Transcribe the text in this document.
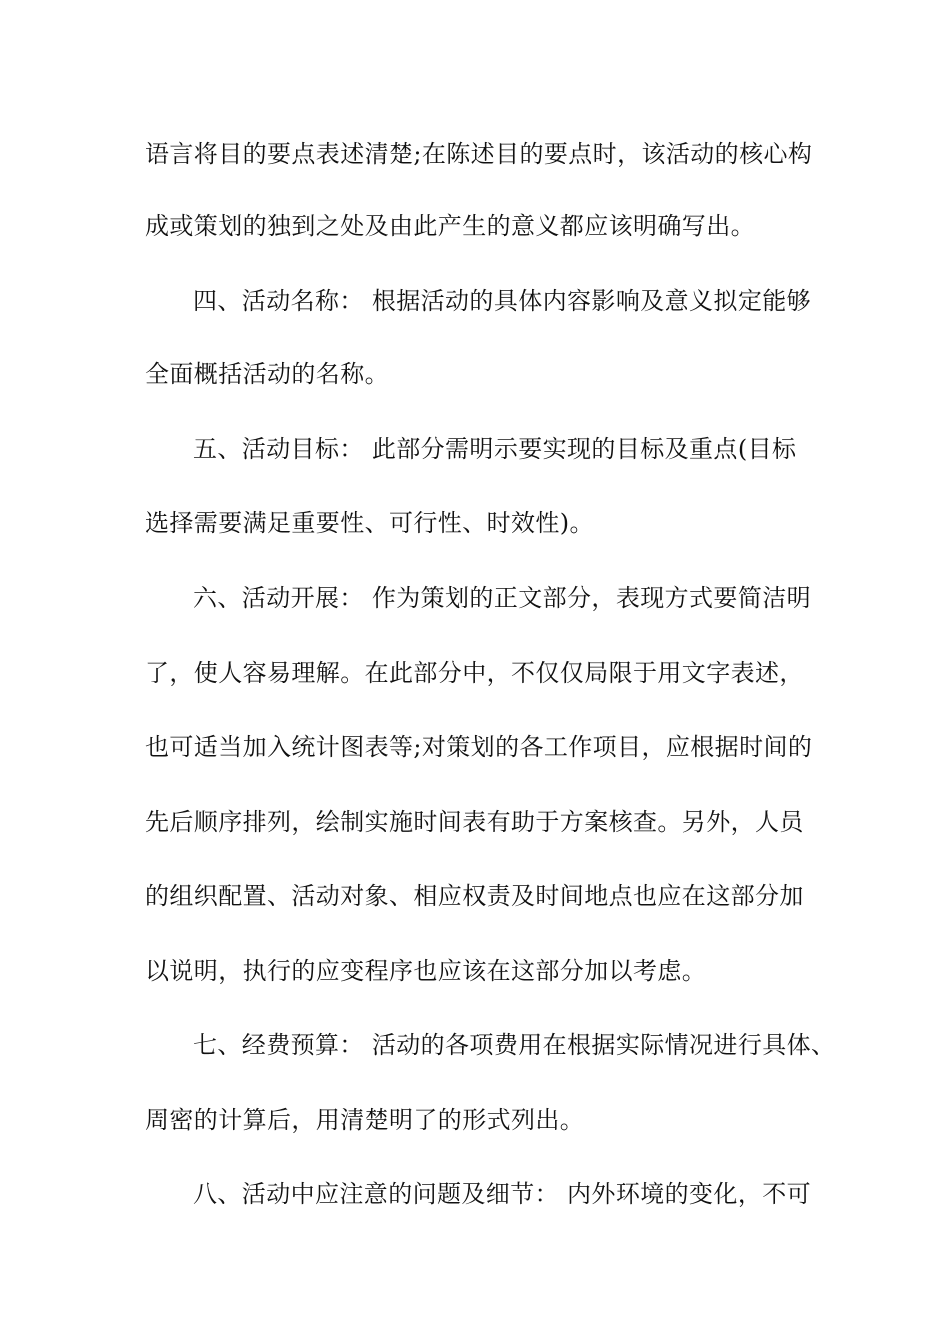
语言将目的要点表述清楚;在陈述目的要点时，该活动的核心构
成或策划的独到之处及由此产生的意义都应该明确写出。
四、活动名称： 根据活动的具体内容影响及意义拟定能够
全面概括活动的名称。
五、活动目标： 此部分需明示要实现的目标及重点(目标
选择需要满足重要性、可行性、时效性)。
六、活动开展： 作为策划的正文部分，表现方式要简洁明
了，使人容易理解。在此部分中，不仅仅局限于用文字表述，
也可适当加入统计图表等;对策划的各工作项目，应根据时间的
先后顺序排列，绘制实施时间表有助于方案核查。另外，人员
的组织配置、活动对象、相应权责及时间地点也应在这部分加
以说明，执行的应变程序也应该在这部分加以考虑。
七、经费预算： 活动的各项费用在根据实际情况进行具体、
周密的计算后，用清楚明了的形式列出。
八、活动中应注意的问题及细节： 内外环境的变化，不可
